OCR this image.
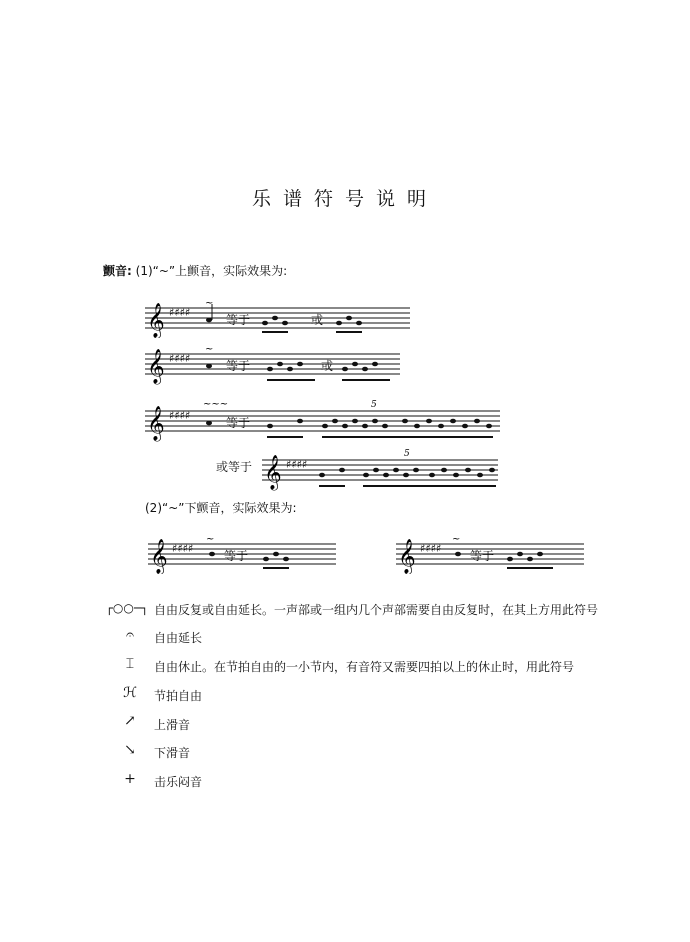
乐谱符号说明
颤音: (1)“~”上颤音，实际效果为:
𝄞 ♯♯♯♯
~
等于	或
𝄞 ♯♯♯♯
~
等于	或
𝄞 ♯♯♯♯
~~~	5
等于
或等于 𝄞 ♯♯♯♯
5
(2)“~”下颤音，实际效果为:
𝄞 ♯♯♯♯
~
等于	𝄞 ♯♯♯♯
~
等于
┌○○─┐ 自由反复或自由延长。一声部或一组内几个声部需要自由反复时，在其上方用此符号
𝄐	自由延长
⌶	自由休止。在节拍自由的一小节内，有音符又需要四拍以上的休止时，用此符号
ℋ	节拍自由
↗	上滑音
↘	下滑音
+	击乐闷音
